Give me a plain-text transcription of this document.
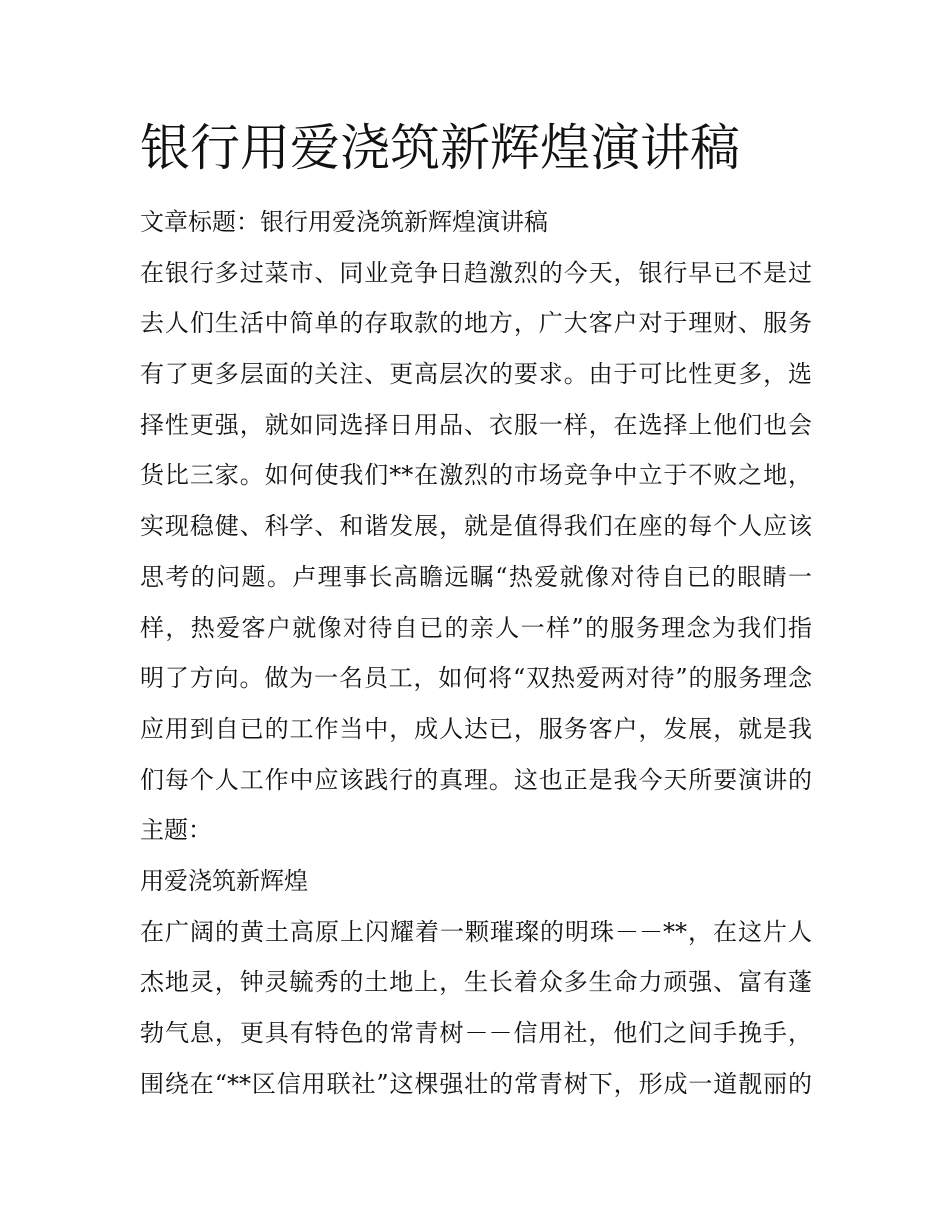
银行用爱浇筑新辉煌演讲稿
文章标题：银行用爱浇筑新辉煌演讲稿
在银行多过菜市、同业竞争日趋激烈的今天，银行早已不是过
去人们生活中简单的存取款的地方，广大客户对于理财、服务
有了更多层面的关注、更高层次的要求。由于可比性更多，选
择性更强，就如同选择日用品、衣服一样，在选择上他们也会
货比三家。如何使我们**在激烈的市场竞争中立于不败之地，
实现稳健、科学、和谐发展，就是值得我们在座的每个人应该
思考的问题。卢理事长高瞻远瞩“热爱就像对待自已的眼睛一
样，热爱客户就像对待自已的亲人一样”的服务理念为我们指
明了方向。做为一名员工，如何将“双热爱两对待”的服务理念
应用到自已的工作当中，成人达已，服务客户，发展，就是我
们每个人工作中应该践行的真理。这也正是我今天所要演讲的
主题：
用爱浇筑新辉煌
在广阔的黄土高原上闪耀着一颗璀璨的明珠－－**，在这片人
杰地灵，钟灵毓秀的土地上，生长着众多生命力顽强、富有蓬
勃气息，更具有特色的常青树－－信用社，他们之间手挽手，
围绕在“**区信用联社”这棵强壮的常青树下，形成一道靓丽的
